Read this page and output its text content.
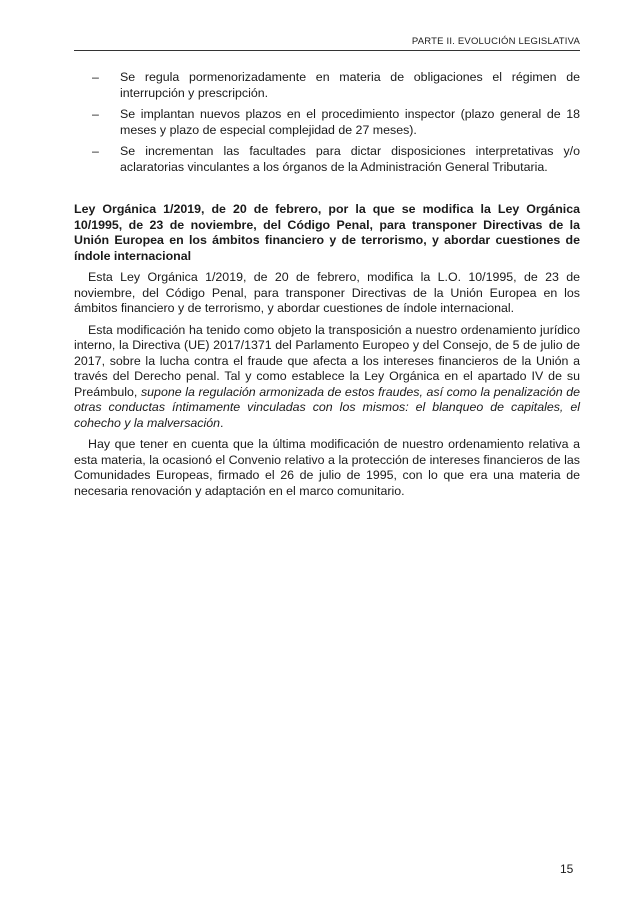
PARTE II. EVOLUCIÓN LEGISLATIVA
–	Se regula pormenorizadamente en materia de obligaciones el régimen de interrupción y prescripción.
–	Se implantan nuevos plazos en el procedimiento inspector (plazo general de 18 meses y plazo de especial complejidad de 27 meses).
–	Se incrementan las facultades para dictar disposiciones interpretativas y/o aclaratorias vinculantes a los órganos de la Administración General Tributaria.

Ley Orgánica 1/2019, de 20 de febrero, por la que se modifica la Ley Orgánica 10/1995, de 23 de noviembre, del Código Penal, para transponer Directivas de la Unión Europea en los ámbitos financiero y de terrorismo, y abordar cuestiones de índole internacional

Esta Ley Orgánica 1/2019, de 20 de febrero, modifica la L.O. 10/1995, de 23 de noviembre, del Código Penal, para transponer Directivas de la Unión Europea en los ámbitos financiero y de terrorismo, y abordar cuestiones de índole internacional.

Esta modificación ha tenido como objeto la transposición a nuestro ordenamiento jurídico interno, la Directiva (UE) 2017/1371 del Parlamento Europeo y del Consejo, de 5 de julio de 2017, sobre la lucha contra el fraude que afecta a los intereses financieros de la Unión a través del Derecho penal. Tal y como establece la Ley Orgánica en el apartado IV de su Preámbulo, supone la regulación armonizada de estos fraudes, así como la penalización de otras conductas íntimamente vinculadas con los mismos: el blanqueo de capitales, el cohecho y la malversación.

Hay que tener en cuenta que la última modificación de nuestro ordenamiento relativa a esta materia, la ocasionó el Convenio relativo a la protección de intereses financieros de las Comunidades Europeas, firmado el 26 de julio de 1995, con lo que era una materia de necesaria renovación y adaptación en el marco comunitario.

15
